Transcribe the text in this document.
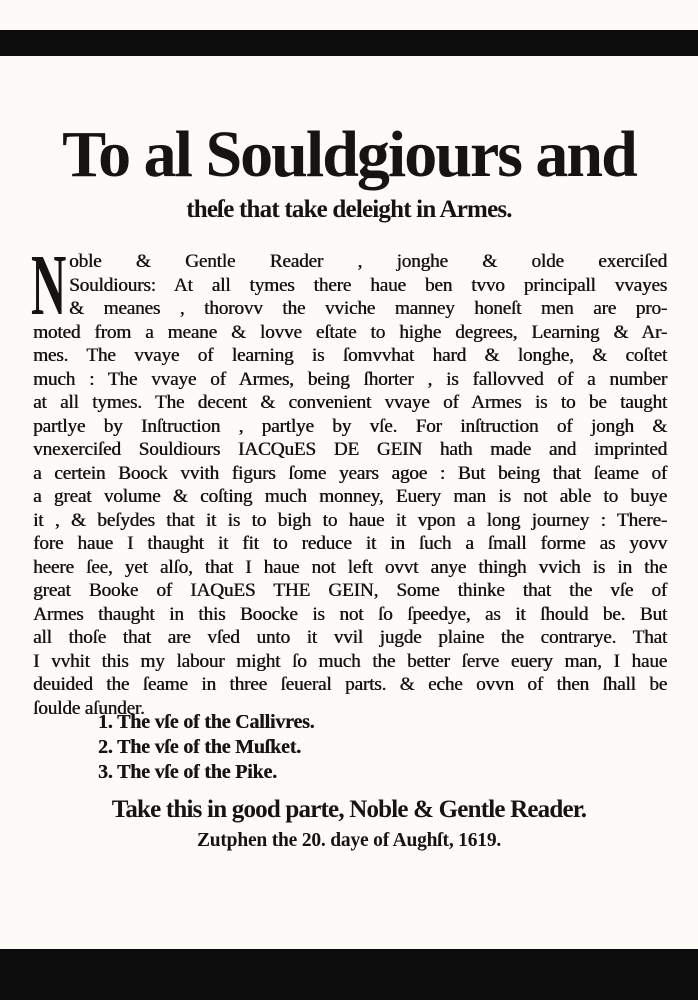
To al Souldgiours and
theſe that take deleight in Armes.
N oble & Gentle Reader , jonghe & olde exerciſed
Souldiours: At all tymes there haue ben tvvo principall vvayes
& meanes , thorovv the vviche manney honeſt men are pro-
moted from a meane & lovve eſtate to highe degrees, Learning & Ar-
mes. The vvaye of learning is ſomvvhat hard & longhe, & coſtet
much : The vvaye of Armes, being ſhorter , is fallovved of a number
at all tymes. The decent & convenient vvaye of Armes is to be taught
partlye by Inſtruction , partlye by vſe. For inſtruction of jongh &
vnexerciſed Souldiours IACQuES DE GEIN hath made and imprinted
a certein Boock vvith figurs ſome years agoe : But being that ſeame of
a great volume & coſting much monney, Euery man is not able to buye
it , & beſydes that it is to bigh to haue it vpon a long journey : There-
fore haue I thaught it fit to reduce it in ſuch a ſmall forme as yovv
heere ſee, yet alſo, that I haue not left ovvt anye thingh vvich is in the
great Booke of IAQuES THE GEIN, Some thinke that the vſe of
Armes thaught in this Boocke is not ſo ſpeedye, as it ſhould be. But
all thoſe that are vſed unto it vvil jugde plaine the contrarye. That
I vvhit this my labour might ſo much the better ſerve euery man, I haue
deuided the ſeame in three ſeueral parts. & eche ovvn of then ſhall be
ſoulde aſunder.
1. The vſe of the Callivres.
2. The vſe of the Muſket.
3. The vſe of the Pike.
Take this in good parte, Noble & Gentle Reader.
Zutphen the 20. daye of Aughſt, 1619.
